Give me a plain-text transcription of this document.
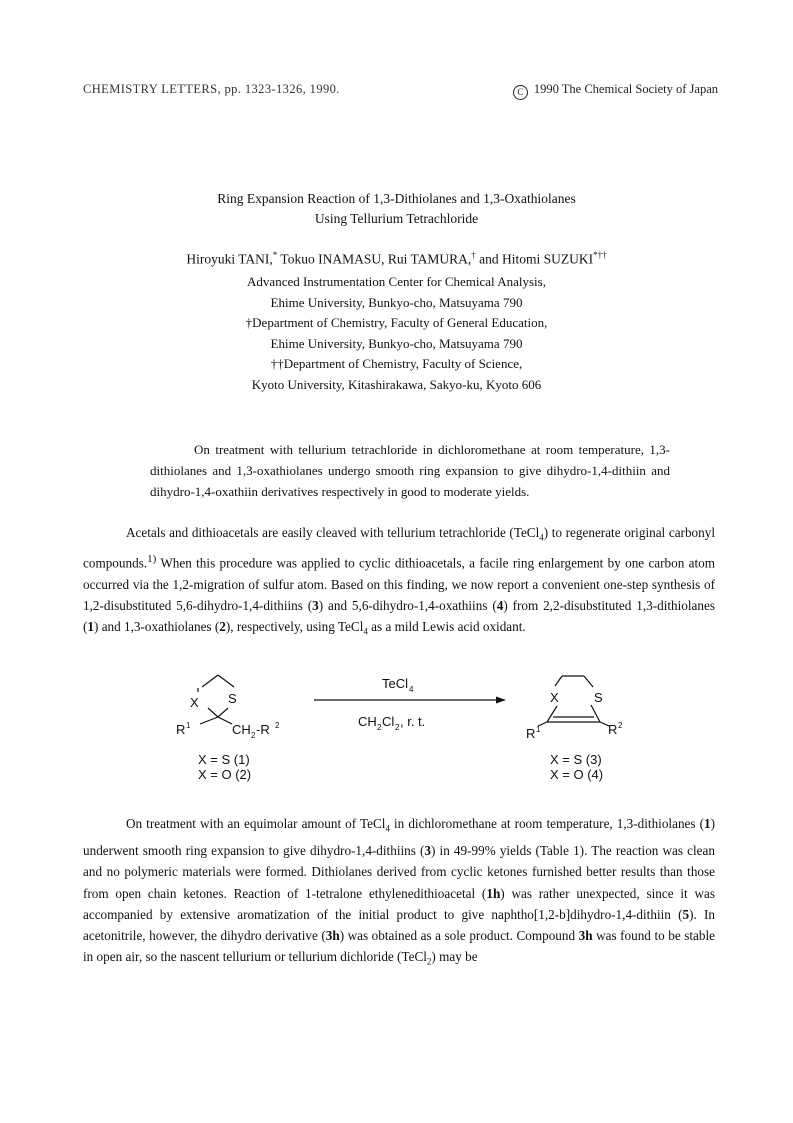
CHEMISTRY LETTERS, pp. 1323-1326, 1990.	C 1990 The Chemical Society of Japan
Ring Expansion Reaction of 1,3-Dithiolanes and 1,3-Oxathiolanes
Using Tellurium Tetrachloride
Hiroyuki TANI,* Tokuo INAMASU, Rui TAMURA,† and Hitomi SUZUKI*††
Advanced Instrumentation Center for Chemical Analysis,
Ehime University, Bunkyo-cho, Matsuyama 790
†Department of Chemistry, Faculty of General Education,
Ehime University, Bunkyo-cho, Matsuyama 790
††Department of Chemistry, Faculty of Science,
Kyoto University, Kitashirakawa, Sakyo-ku, Kyoto 606
On treatment with tellurium tetrachloride in dichloromethane at room temperature, 1,3-dithiolanes and 1,3-oxathiolanes undergo smooth ring expansion to give dihydro-1,4-dithiin and dihydro-1,4-oxathiin derivatives respectively in good to moderate yields.
Acetals and dithioacetals are easily cleaved with tellurium tetrachloride (TeCl$_4$) to regenerate original carbonyl compounds.$^{1)}$ When this procedure was applied to cyclic dithioacetals, a facile ring enlargement by one carbon atom occurred via the 1,2-migration of sulfur atom. Based on this finding, we now report a convenient one-step synthesis of 1,2-disubstituted 5,6-dihydro-1,4-dithiins (3) and 5,6-dihydro-1,4-oxathiins (4) from 2,2-disubstituted 1,3-dithiolanes (1) and 1,3-oxathiolanes (2), respectively, using TeCl$_4$ as a mild Lewis acid oxidant.
X S
R 1	CH 2 -R 2
X = S (1)
X = O (2)
TeCl 4
CH 2 Cl 2 , r. t.
X	S
R 1	R 2
X = S (3)
X = O (4)
On treatment with an equimolar amount of TeCl$_4$ in dichloromethane at room temperature, 1,3-dithiolanes (1) underwent smooth ring expansion to give dihydro-1,4-dithiins (3) in 49-99% yields (Table 1). The reaction was clean and no polymeric materials were formed. Dithiolanes derived from cyclic ketones furnished better results than those from open chain ketones. Reaction of 1-tetralone ethylenedithioacetal (1h) was rather unexpected, since it was accompanied by extensive aromatization of the initial product to give naphtho[1,2-b]dihydro-1,4-dithiin (5). In acetonitrile, however, the dihydro derivative (3h) was obtained as a sole product. Compound 3h was found to be stable in open air, so the nascent tellurium or tellurium dichloride (TeCl$_2$) may be
